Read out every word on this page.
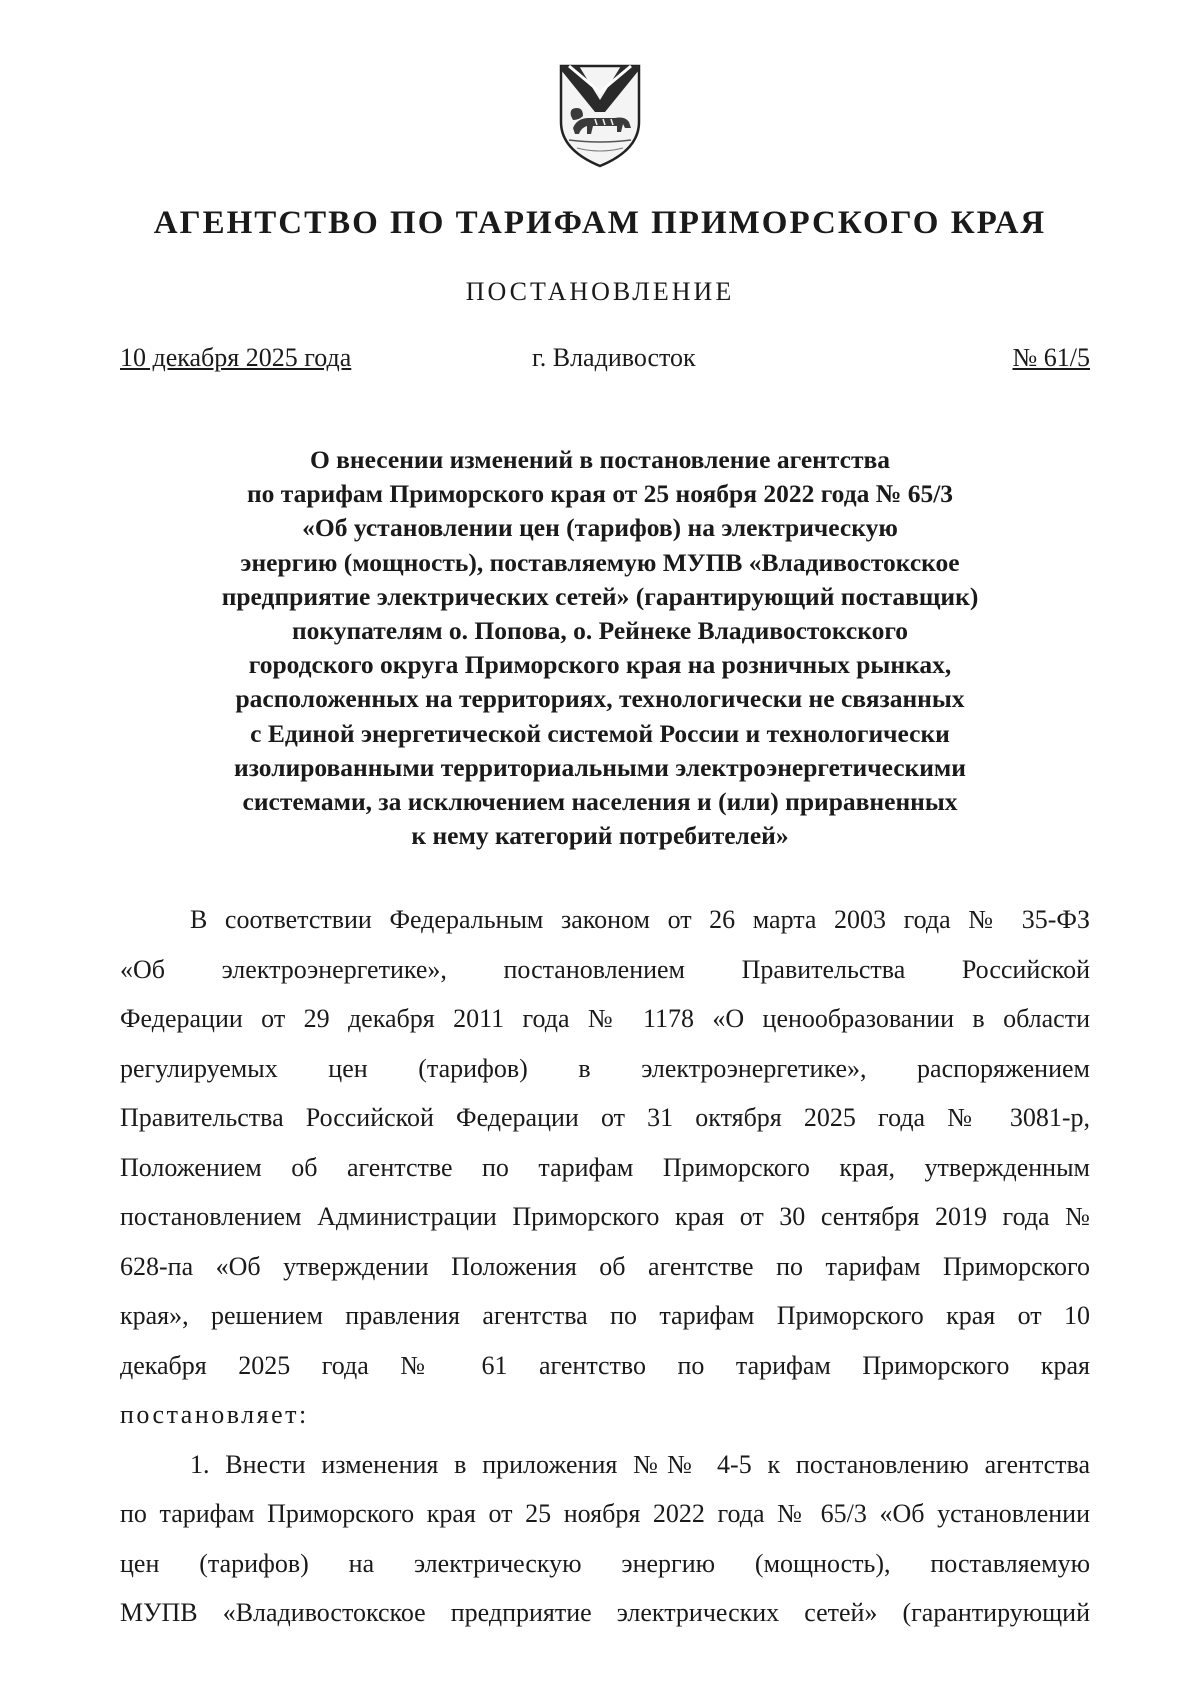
АГЕНТСТВО ПО ТАРИФАМ ПРИМОРСКОГО КРАЯ
ПОСТАНОВЛЕНИЕ
10 декабря 2025 года	г. Владивосток	№ 61/5
О внесении изменений в постановление агентства
по тарифам Приморского края от 25 ноября 2022 года № 65/3
«Об установлении цен (тарифов) на электрическую
энергию (мощность), поставляемую МУПВ «Владивостокское
предприятие электрических сетей» (гарантирующий поставщик)
покупателям о. Попова, о. Рейнеке Владивостокского
городского округа Приморского края на розничных рынках,
расположенных на территориях, технологически не связанных
с Единой энергетической системой России и технологически
изолированными территориальными электроэнергетическими
системами, за исключением населения и (или) приравненных
к нему категорий потребителей»
В соответствии Федеральным законом от 26 марта 2003 года № 35-ФЗ
«Об электроэнергетике», постановлением Правительства Российской
Федерации от 29 декабря 2011 года № 1178 «О ценообразовании в области
регулируемых цен (тарифов) в электроэнергетике», распоряжением
Правительства Российской Федерации от 31 октября 2025 года № 3081-р,
Положением об агентстве по тарифам Приморского края, утвержденным
постановлением Администрации Приморского края от 30 сентября 2019 года №
628-па «Об утверждении Положения об агентстве по тарифам Приморского
края», решением правления агентства по тарифам Приморского края от 10
декабря 2025 года № 61 агентство по тарифам Приморского края
постановляет:
1. Внести изменения в приложения №№ 4-5 к постановлению агентства
по тарифам Приморского края от 25 ноября 2022 года № 65/3 «Об установлении
цен (тарифов) на электрическую энергию (мощность), поставляемую
МУПВ «Владивостокское предприятие электрических сетей» (гарантирующий
